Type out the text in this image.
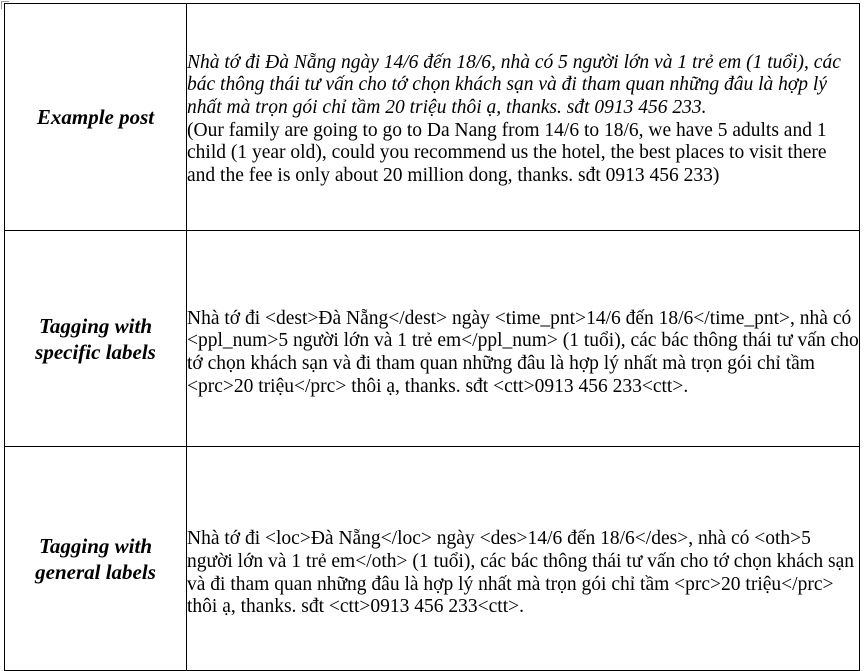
Example post	Nhà tớ đi Đà Nẵng ngày 14/6 đến 18/6, nhà có 5 người lớn và 1 trẻ em (1 tuổi), các bác thông thái tư vấn cho tớ chọn khách sạn và đi tham quan những đâu là hợp lý nhất mà trọn gói chỉ tầm 20 triệu thôi ạ, thanks. sđt 0913 456 233.

(Our family are going to go to Da Nang from 14/6 to 18/6, we have 5 adults and 1 child (1 year old), could you recommend us the hotel, the best places to visit there and the fee is only about 20 million dong, thanks. sđt 0913 456 233)

Tagging with specific labels	Nhà tớ đi <dest>Đà Nẵng</dest> ngày <time_pnt>14/6 đến 18/6</time_pnt>, nhà có <ppl_num>5 người lớn và 1 trẻ em</ppl_num> (1 tuổi), các bác thông thái tư vấn cho tớ chọn khách sạn và đi tham quan những đâu là hợp lý nhất mà trọn gói chỉ tầm <prc>20 triệu</prc> thôi ạ, thanks. sđt <ctt>0913 456 233<ctt>.

Tagging with general labels	Nhà tớ đi <loc>Đà Nẵng</loc> ngày <des>14/6 đến 18/6</des>, nhà có <oth>5 người lớn và 1 trẻ em</oth> (1 tuổi), các bác thông thái tư vấn cho tớ chọn khách sạn và đi tham quan những đâu là hợp lý nhất mà trọn gói chỉ tầm <prc>20 triệu</prc> thôi ạ, thanks. sđt <ctt>0913 456 233<ctt>.
